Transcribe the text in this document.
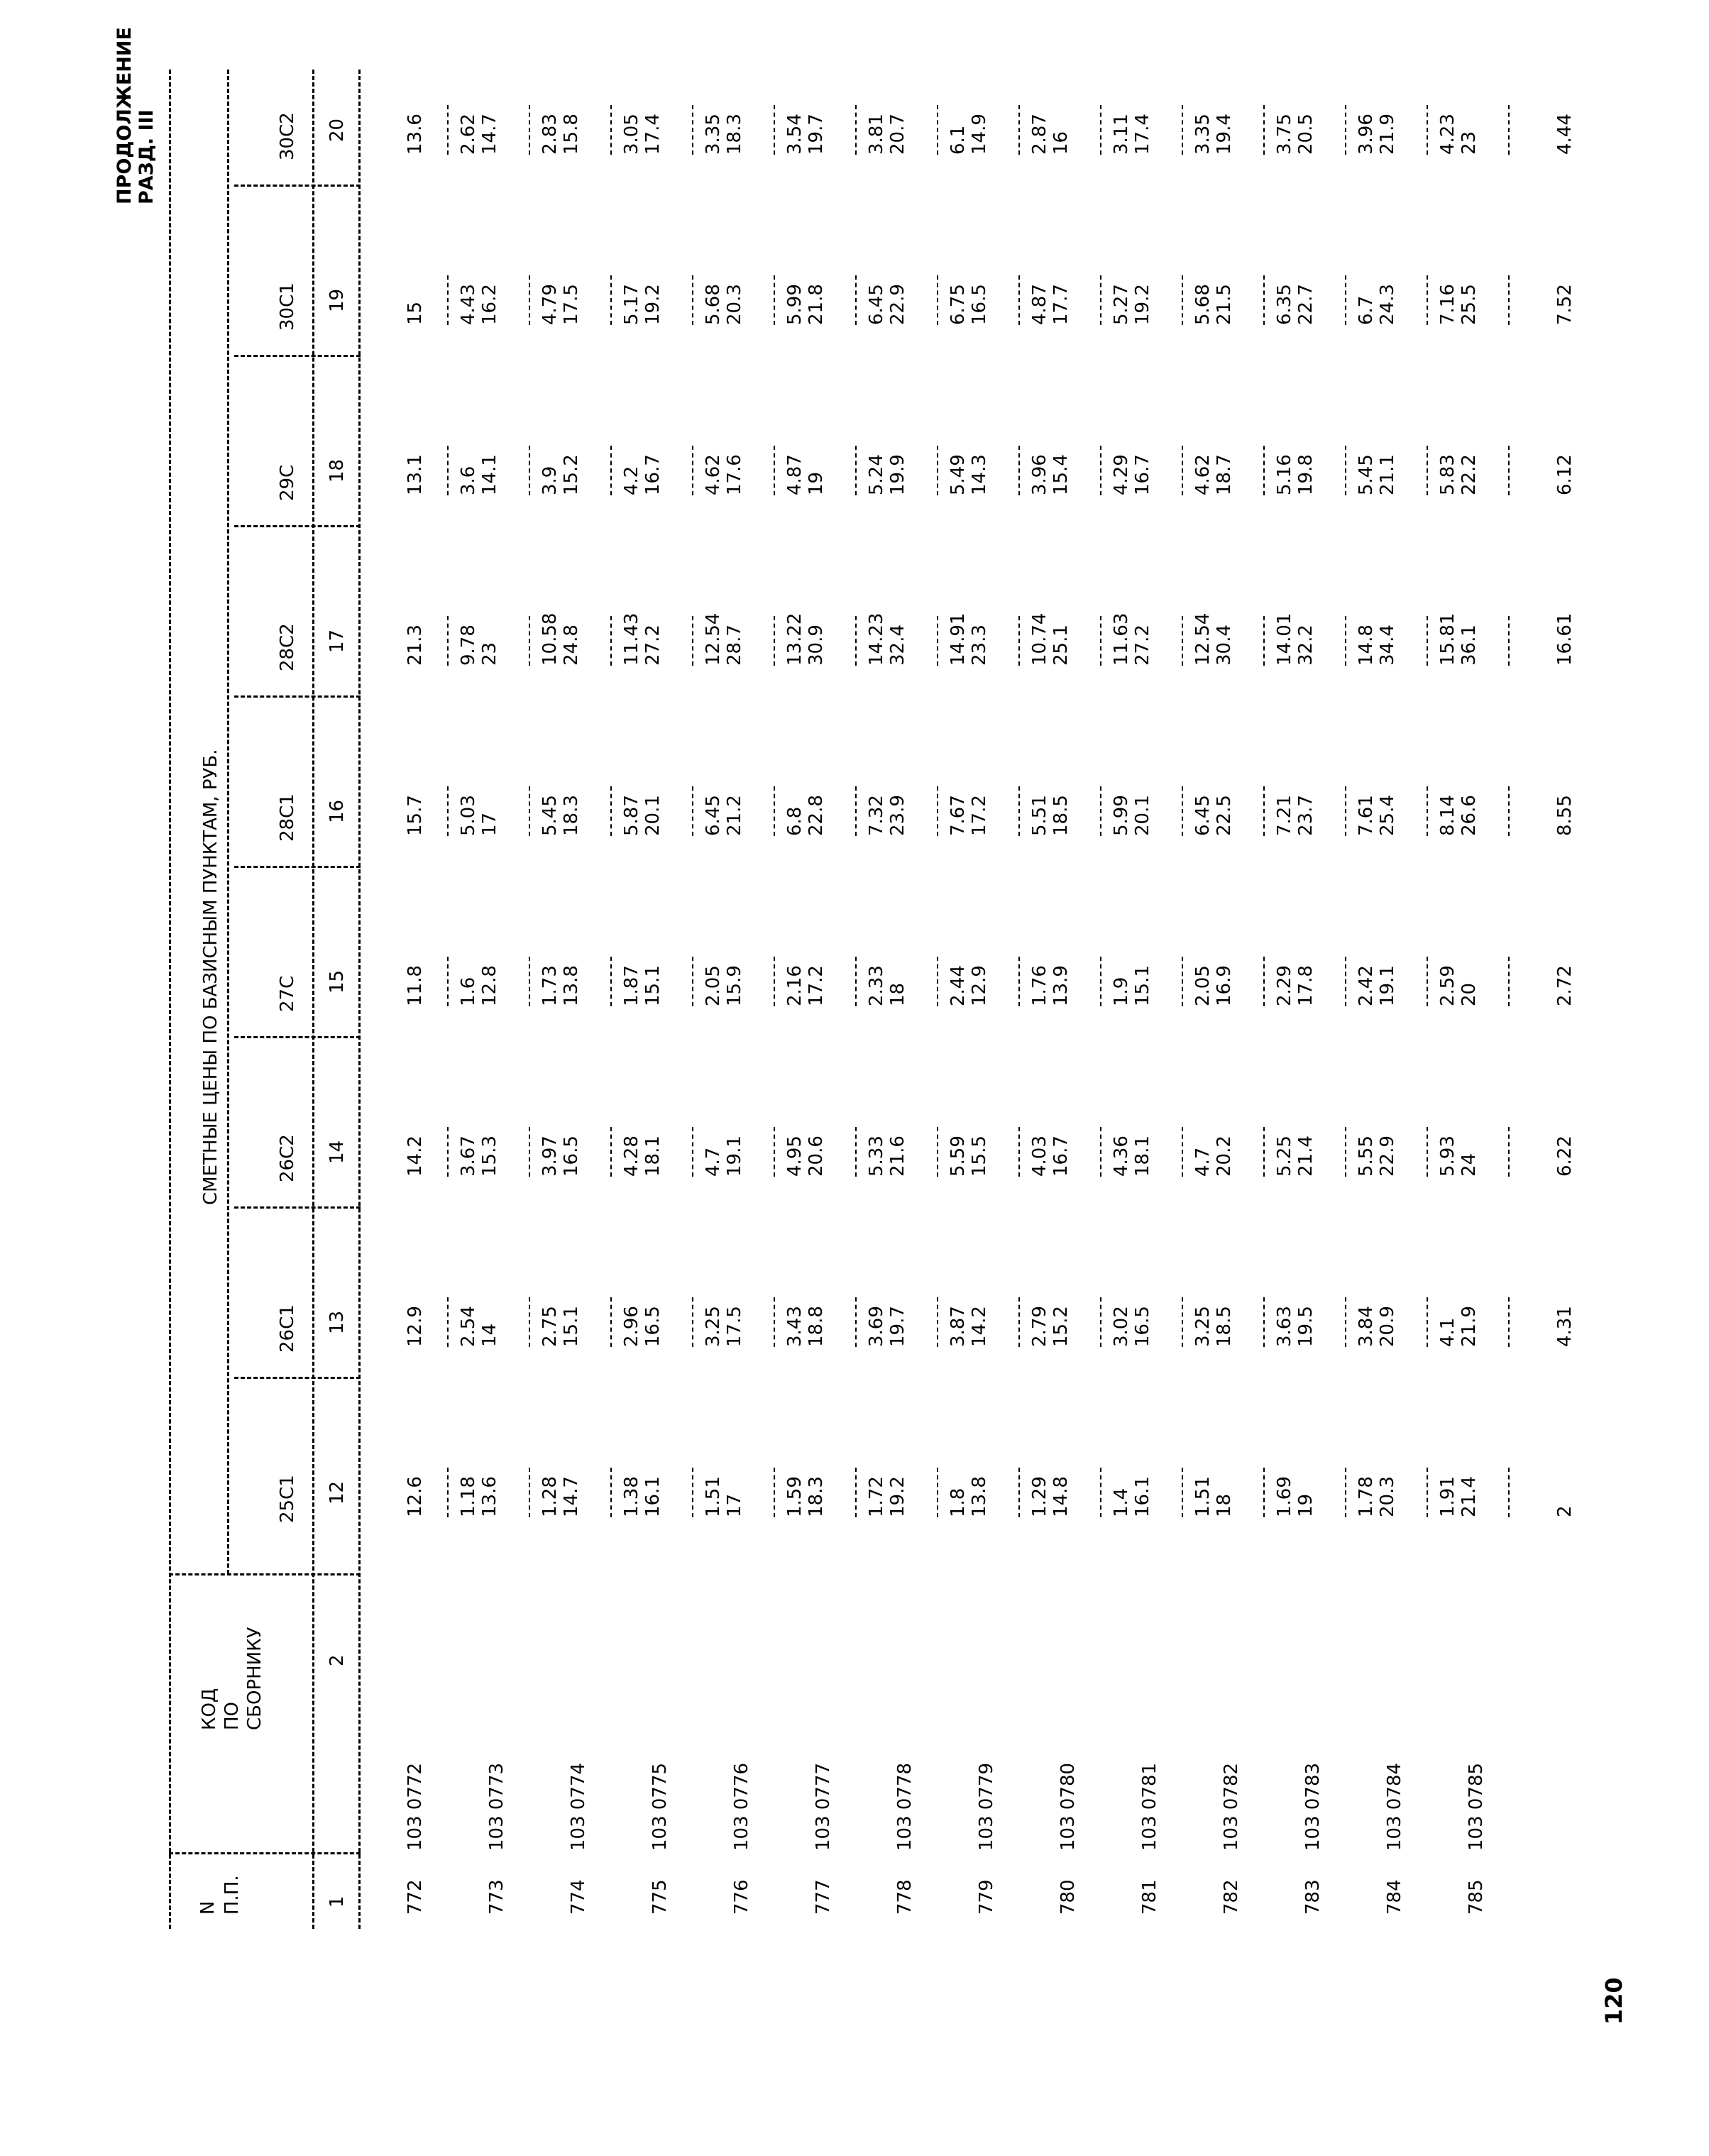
ПРОДОЛЖЕНИЕ РАЗД. III
120
N П.П.
КОД ПО СБОРНИКУ
СМЕТНЫЕ ЦЕНЫ ПО БАЗИСНЫМ ПУНКТАМ, РУБ.
1
2
25С1 12
26С1 13
26С2 14
27С 15
28С1 16
28С2 17
29С 18
30С1 19
30С2 20
772
103 0772
12.6
12.9
14.2
11.8
15.7
21.3
13.1
15
13.6
773
103 0773
1.18 13.6
2.54 14
3.67 15.3
1.6 12.8
5.03 17
9.78 23
3.6 14.1
4.43 16.2
2.62 14.7
774
103 0774
1.28 14.7
2.75 15.1
3.97 16.5
1.73 13.8
5.45 18.3
10.58 24.8
3.9 15.2
4.79 17.5
2.83 15.8
775
103 0775
1.38 16.1
2.96 16.5
4.28 18.1
1.87 15.1
5.87 20.1
11.43 27.2
4.2 16.7
5.17 19.2
3.05 17.4
776
103 0776
1.51 17
3.25 17.5
4.7 19.1
2.05 15.9
6.45 21.2
12.54 28.7
4.62 17.6
5.68 20.3
3.35 18.3
777
103 0777
1.59 18.3
3.43 18.8
4.95 20.6
2.16 17.2
6.8 22.8
13.22 30.9
4.87 19
5.99 21.8
3.54 19.7
778
103 0778
1.72 19.2
3.69 19.7
5.33 21.6
2.33 18
7.32 23.9
14.23 32.4
5.24 19.9
6.45 22.9
3.81 20.7
779
103 0779
1.8 13.8
3.87 14.2
5.59 15.5
2.44 12.9
7.67 17.2
14.91 23.3
5.49 14.3
6.75 16.5
6.1 14.9
780
103 0780
1.29 14.8
2.79 15.2
4.03 16.7
1.76 13.9
5.51 18.5
10.74 25.1
3.96 15.4
4.87 17.7
2.87 16
781
103 0781
1.4 16.1
3.02 16.5
4.36 18.1
1.9 15.1
5.99 20.1
11.63 27.2
4.29 16.7
5.27 19.2
3.11 17.4
782
103 0782
1.51 18
3.25 18.5
4.7 20.2
2.05 16.9
6.45 22.5
12.54 30.4
4.62 18.7
5.68 21.5
3.35 19.4
783
103 0783
1.69 19
3.63 19.5
5.25 21.4
2.29 17.8
7.21 23.7
14.01 32.2
5.16 19.8
6.35 22.7
3.75 20.5
784
103 0784
1.78 20.3
3.84 20.9
5.55 22.9
2.42 19.1
7.61 25.4
14.8 34.4
5.45 21.1
6.7 24.3
3.96 21.9
785
103 0785
1.91 21.4
4.1 21.9
5.93 24
2.59 20
8.14 26.6
15.81 36.1
5.83 22.2
7.16 25.5
4.23 23
2
4.31
6.22
2.72
8.55
16.61
6.12
7.52
4.44
